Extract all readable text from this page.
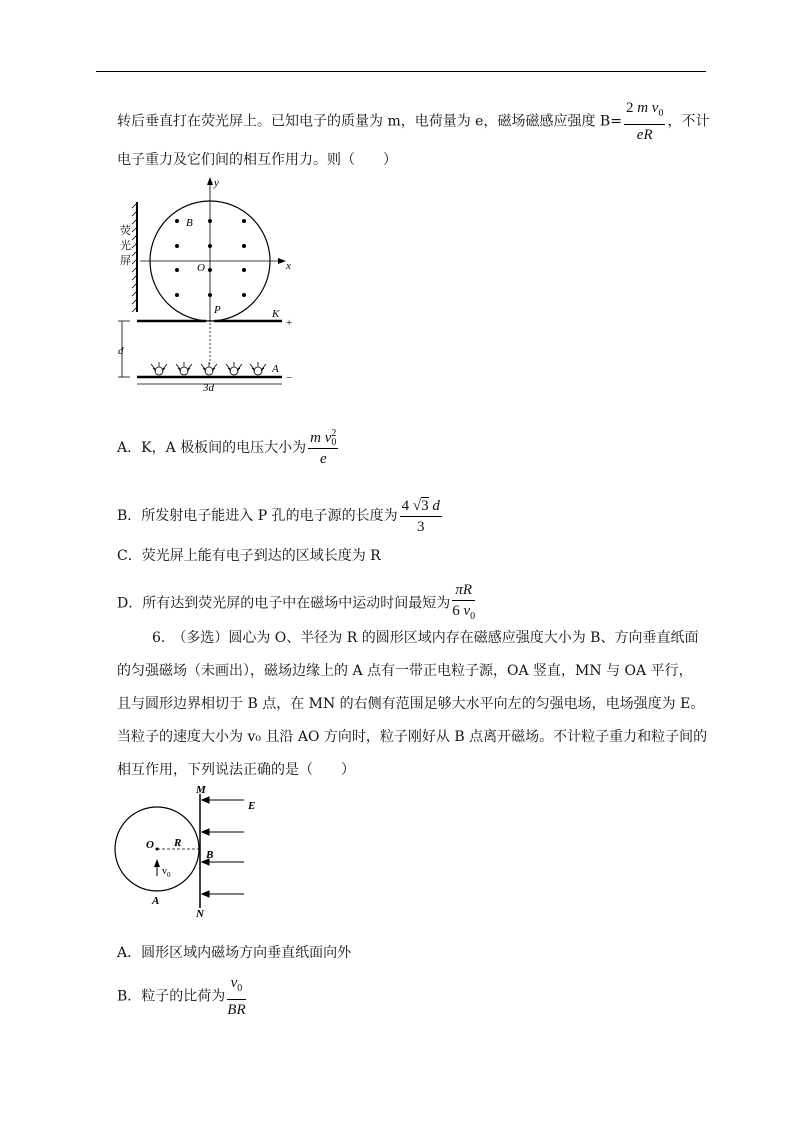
转后垂直打在荧光屏上。已知电子的质量为 m，电荷量为 e，磁场磁感应强度 $B= \frac{2 m v_0}{eR}$ ，不计
电子重力及它们间的相互作用力。则（　　）
荧
光
屏
y
x
B
O
P	K
+
d
A
−
3d
A．K，A 极板间的电压大小为 m v 2
0
e
B．所发射电子能进入 P 孔的电子源的长度为 $\frac{4 √3 d}{3}$
C．荧光屏上能有电子到达的区域长度为 R
D．所有达到荧光屏的电子中在磁场中运动时间最短为 $\frac{\pi R}{6 v_0}$
6.　（多选）圆心为 O、半径为 R 的圆形区域内存在磁感应强度大小为 B、方向垂直纸面
的匀强磁场（未画出），磁场边缘上的 A 点有一带正电粒子源，OA 竖直，MN 与 OA 平行，
且与圆形边界相切于 B 点，在 MN 的右侧有范围足够大水平向左的匀强电场，电场强度为 E。
当粒子的速度大小为 v₀ 且沿 AO 方向时，粒子刚好从 B 点离开磁场。不计粒子重力和粒子间的
相互作用，下列说法正确的是（　　）
M
N
E
O R
B
$v_0$
A
A．圆形区域内磁场方向垂直纸面向外
B．粒子的比荷为 $\frac{v_0}{BR}$
